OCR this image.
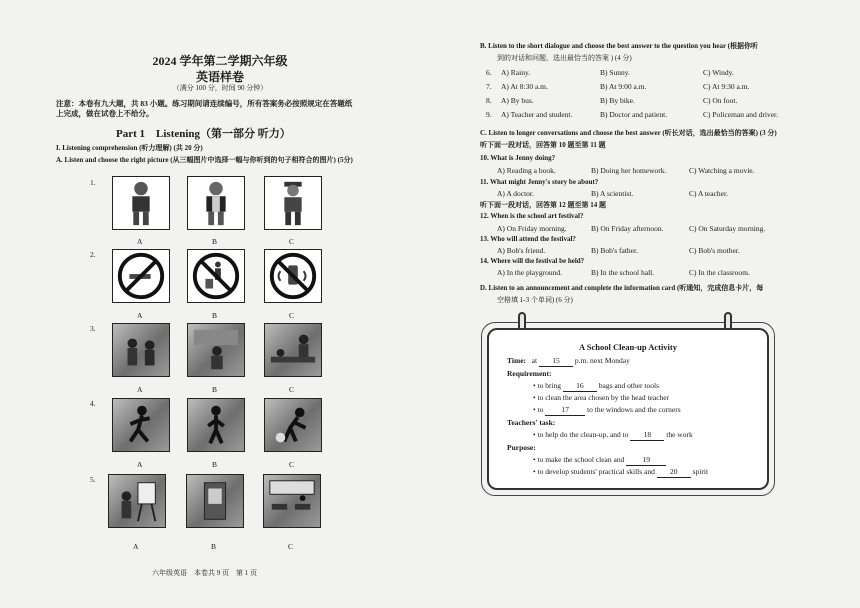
2024 学年第二学期六年级
英语样卷
（满分 100 分，时间 90 分钟）
注意：本卷有九大题，共 83 小题。练习期间请连续编号，所有答案务必按照规定在答题纸
上完成，做在试卷上不给分。
Part 1　Listening（第一部分 听力）
I. Listening comprehension (听力理解) (共 20 分)
A. Listen and choose the right picture (从三幅图片中选择一幅与你听到的句子相符合的图片) (5分)
1.
A	B	C
2.
A	B	C
3.
A	B	C
4.
A	B	C
5.
A	B	C
六年级英语　本卷共 9 页　第 1 页
B. Listen to the short dialogue and choose the best answer to the question you hear (根据你听
到的对话和问题，选出最恰当的答案 ) (4 分)
6. A) Rainy.	B) Sunny.	C) Windy.
7. A) At 8:30 a.m.	B) At 9:00 a.m.	C) At 9:30 a.m.
8. A) By bus.	B) By bike.	C) On foot.
9. A) Teacher and student.	B) Doctor and patient.	C) Policeman and driver.
C. Listen to longer conversations and choose the best answer (听长对话，选出最恰当的答案) (3 分)
听下面一段对话，回答第 10 题至第 11 题
10. What is Jenny doing?
A) Reading a book.	B) Doing her homework.	C) Watching a movie.
11. What might Jenny's story be about?
A) A doctor.	B) A scientist.	C) A teacher.
听下面一段对话，回答第 12 题至第 14 题
12. When is the school art festival?
A) On Friday morning.	B) On Friday afternoon.	C) On Saturday morning.
13. Who will attend the festival?
A) Bob's friend.	B) Bob's father.	C) Bob's mother.
14. Where will the festival be held?
A) In the playground.	B) In the school hall.	C) In the classroom.
D. Listen to an announcement and complete the information card (听通知，完成信息卡片，每
空格填 1-3 个单词) (6 分)
A School Clean-up Activity
Time: at 15 p.m. next Monday
Requirement:
• to bring 16 bags and other tools
• to clean the area chosen by the head teacher
• to 17 to the windows and the corners
Teachers' task:
• to help do the clean-up, and to 18 the work
Purpose:
• to make the school clean and 19
• to develop students' practical skills and 20 spirit
